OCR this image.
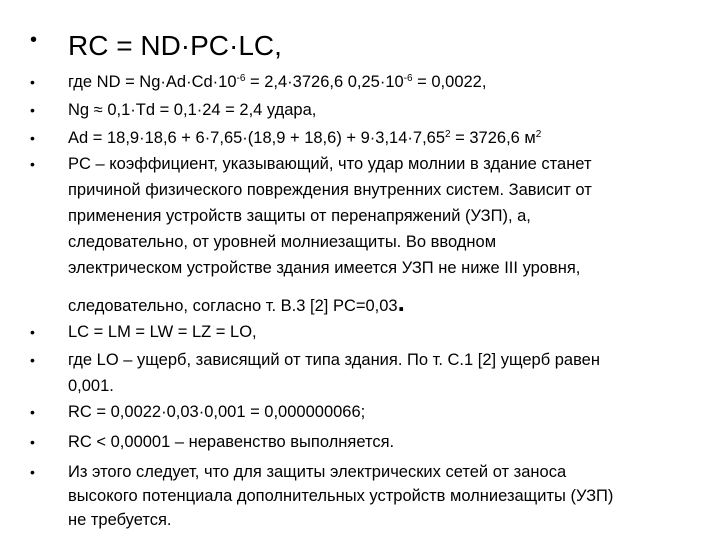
• RC = ND·PC·LC,
• где ND = $Ng\cdot Ad\cdot Cd\cdot 10^{-6} = 2,4\cdot 3726,6$ $0,25\cdot 10^{-6} = 0,0022$,
• Ng ≈ 0,1·Td = 0,1·24 = 2,4 удара,
• $Ad = 18,9\cdot 18,6 + 6\cdot 7,65\cdot(18,9 + 18,6) + 9\cdot 3,14\cdot 7,65^2 = 3726,6$ $м^2$
• PC – коэффициент, указывающий, что удар молнии в здание станет
причиной физического повреждения внутренних систем. Зависит от
применения устройств защиты от перенапряжений (УЗП), а,
следовательно, от уровней молниезащиты. Во вводном
электрическом устройстве здания имеется УЗП не ниже III уровня,
следовательно, согласно т. В.3 [2] PC=0,03.
• LC = LM = LW = LZ = LO,
• где LO – ущерб, зависящий от типа здания. По т. С.1 [2] ущерб равен
0,001.
• RC = 0,0022·0,03·0,001 = 0,000000066;
• RC < 0,00001 – неравенство выполняется.
• Из этого следует, что для защиты электрических сетей от заноса
высокого потенциала дополнительных устройств молниезащиты (УЗП)
не требуется.
